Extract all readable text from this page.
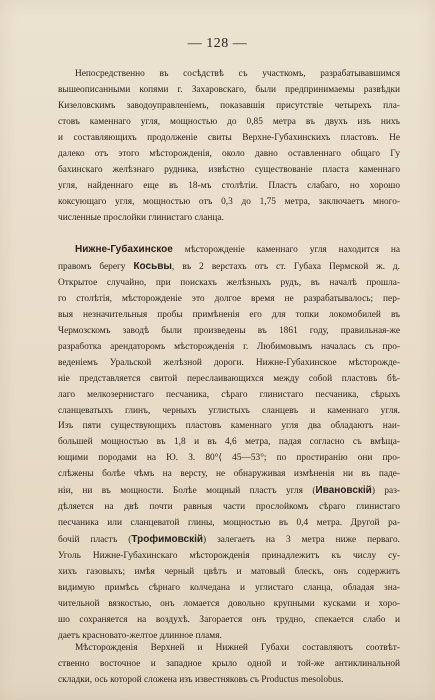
— 128 —
Непосредственно въ сосѣдствѣ съ участкомъ, разрабатывавшимся
вышеописанными копями г. Захаровскаго, были предпринимаемы развѣдки
Кизеловскимъ заводоуправленiемъ, показавшiя присутствiе четырехъ пла-
стовъ каменнаго угля, мощностью до 0,85 метра въ двухъ изъ нихъ
и составляющихъ продолженiе свиты Верхне-Губахинскихъ пластовъ. Не
далеко отъ этого мѣсторожденiя, около давно оставленнаго общаго Гу
бахинскаго желѣзнаго рудника, извѣстно существованiе пласта каменнаго
угля, найденнаго еще въ 18-мъ столѣтiи. Пластъ слабаго, но хорошо
коксующаго угля, мощностью отъ 0,3 до 1,75 метра, заключаетъ много-
численные прослойки глинистаго сланца.
Нижне-Губахинское мѣсторожденiе каменнаго угля находится на
правомъ берегу Косьвы, въ 2 верстахъ отъ ст. Губаха Пермской ж. д.
Открытое случайно, при поискахъ желѣзныхъ рудъ, въ началѣ прошла-
го столѣтiя, мѣсторожденiе это долгое время не разрабатывалось; пер-
выя незначительныя пробы примѣненiя его для топки локомобилей въ
Чермозскомъ заводѣ были произведены въ 1861 году, правильная-же
разработка арендаторомъ мѣсторожденiя г. Любимовымъ началась съ про-
веденiемъ Уральской желѣзной дороги. Нижне-Губахинское мѣсторожде-
нiе представляется свитой переслаивающихся между собой пластовъ бѣ-
лаго мелкозернистаго песчаника, сѣраго глинистаго песчаника, сѣрыхъ
сланцеватыхъ глинъ, черныхъ углистыхъ сланцевъ и каменнаго угля.
Изъ пяти существующихъ пластовъ каменнаго угля два обладаютъ наи-
большей мощностью въ 1,8 и въ 4,6 метра, падая согласно съ вмѣща-
ющими породами на Ю. З. 80°⟨ 45—53°; по простиранiю они про-
слѣжены болѣе чѣмъ на версту, не обнаруживая измѣненiя ни въ паде-
нiи, ни въ мощности. Болѣе мощный пластъ угля (Ивановскiй) раз-
дѣляется на двѣ почти равныя части прослойкомъ сѣраго глинистаго
песчаника или сланцеватой глины, мощностью въ 0,4 метра. Другой ра-
бочiй пластъ (Трофимовскiй) залегаетъ на 3 метра ниже перваго.
Уголь Нижне-Губахинскаго мѣсторожденiя принадлежитъ къ числу су-
хихъ газовыхъ; имѣя черный цвѣтъ и матовый блескъ, онъ содержитъ
видимую примѣсь сѣрнаго колчедана и углистаго сланца, обладая зна-
чительной вязкостью, онъ ломается довольно крупными кусками и хоро-
шо сохраняется на воздухѣ. Загорается онъ трудно, спекается слабо и
даетъ красновато-желтое длинное пламя.
Мѣсторожденiя Верхней и Нижней Губахи составляютъ соотвѣт-
ственно восточное и западное крыло одной и той-же антиклинальной
складки, ось которой сложена изъ известняковъ съ Productus mesolobus.
